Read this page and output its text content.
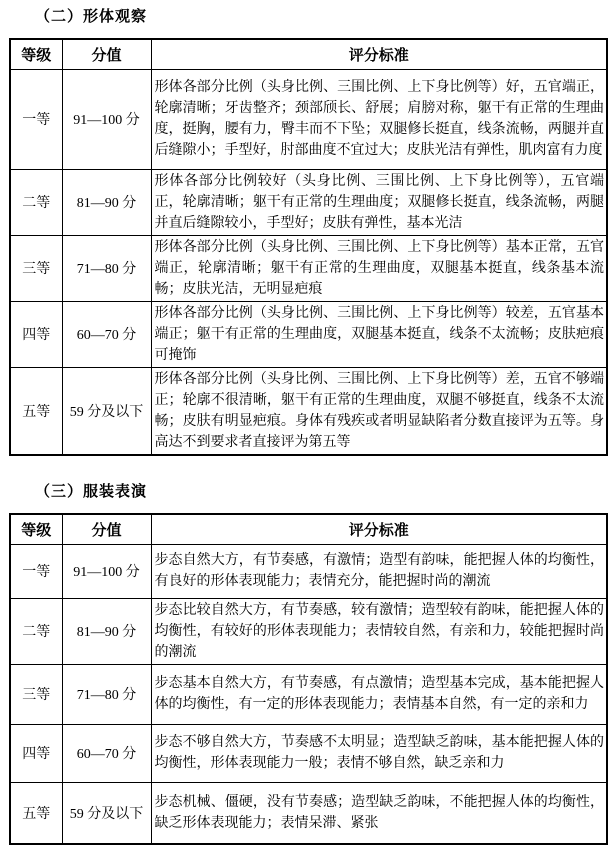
（二）形体观察
等级	分值	评分标准
一等	91—100 分	形体各部分比例（头身比例、三围比例、上下身比例等）好，五官端正，轮廓清晰；牙齿整齐；颈部颀长、舒展；肩膀对称，躯干有正常的生理曲度，挺胸，腰有力，臀丰而不下坠；双腿修长挺直，线条流畅，两腿并直后缝隙小；手型好，肘部曲度不宜过大；皮肤光洁有弹性，肌肉富有力度
二等	81—90 分	形体各部分比例较好（头身比例、三围比例、上下身比例等），五官端正，轮廓清晰；躯干有正常的生理曲度；双腿修长挺直，线条流畅，两腿并直后缝隙较小，手型好；皮肤有弹性，基本光洁
三等	71—80 分	形体各部分比例（头身比例、三围比例、上下身比例等）基本正常，五官端正，轮廓清晰；躯干有正常的生理曲度，双腿基本挺直，线条基本流畅；皮肤光洁，无明显疤痕
四等	60—70 分	形体各部分比例（头身比例、三围比例、上下身比例等）较差，五官基本端正；躯干有正常的生理曲度，双腿基本挺直，线条不太流畅；皮肤疤痕可掩饰
五等	59 分及以下	形体各部分比例（头身比例、三围比例、上下身比例等）差，五官不够端正；轮廓不很清晰，躯干有正常的生理曲度，双腿不够挺直，线条不太流畅；皮肤有明显疤痕。身体有残疾或者明显缺陷者分数直接评为五等。身高达不到要求者直接评为第五等
（三）服装表演
等级	分值	评分标准
一等	91—100 分	步态自然大方，有节奏感，有激情；造型有韵味，能把握人体的均衡性，有良好的形体表现能力；表情充分，能把握时尚的潮流
二等	81—90 分	步态比较自然大方，有节奏感，较有激情；造型较有韵味，能把握人体的均衡性，有较好的形体表现能力；表情较自然，有亲和力，较能把握时尚的潮流
三等	71—80 分	步态基本自然大方，有节奏感，有点激情；造型基本完成，基本能把握人体的均衡性，有一定的形体表现能力；表情基本自然，有一定的亲和力
四等	60—70 分	步态不够自然大方，节奏感不太明显；造型缺乏韵味，基本能把握人体的均衡性，形体表现能力一般；表情不够自然，缺乏亲和力
五等	59 分及以下	步态机械、僵硬，没有节奏感；造型缺乏韵味，不能把握人体的均衡性，缺乏形体表现能力；表情呆滞、紧张
